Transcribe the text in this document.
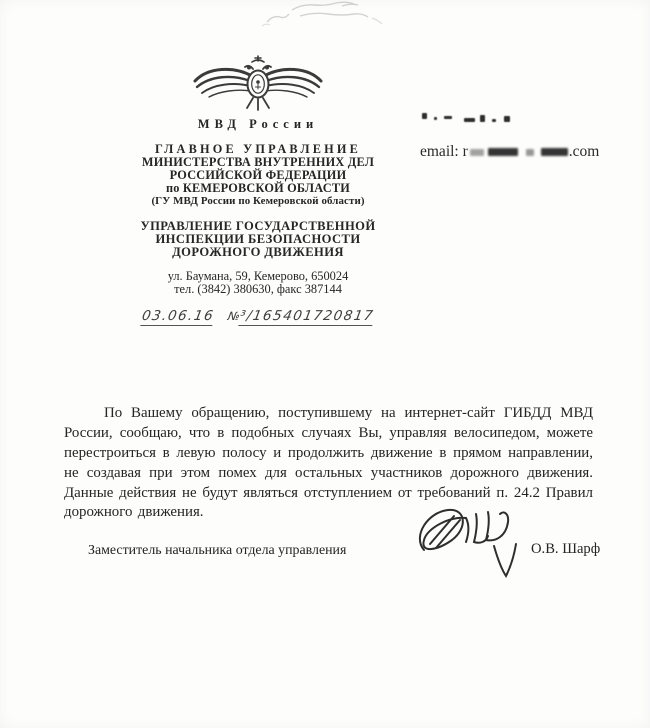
МВД России
ГЛАВНОЕ УПРАВЛЕНИЕ
МИНИСТЕРСТВА ВНУТРЕННИХ ДЕЛ
РОССИЙСКОЙ ФЕДЕРАЦИИ
по КЕМЕРОВСКОЙ ОБЛАСТИ
(ГУ МВД России по Кемеровской области)
УПРАВЛЕНИЕ ГОСУДАРСТВЕННОЙ
ИНСПЕКЦИИ БЕЗОПАСНОСТИ
ДОРОЖНОГО ДВИЖЕНИЯ
ул. Баумана, 59, Кемерово, 650024
тел. (3842) 380630, факс 387144
03.06.16 №³/165401720817
email:
r	.com

По Вашему обращению, поступившему на интернет-сайт ГИБДД МВД России, сообщаю, что в подобных случаях Вы, управляя велосипедом, можете перестроиться в левую полосу и продолжить движение в прямом направлении, не создавая при этом помех для остальных участников дорожного движения. Данные действия не будут являться отступлением от требований п. 24.2 Правил дорожного движения.

Заместитель начальника отдела управления	О.В. Шарф
